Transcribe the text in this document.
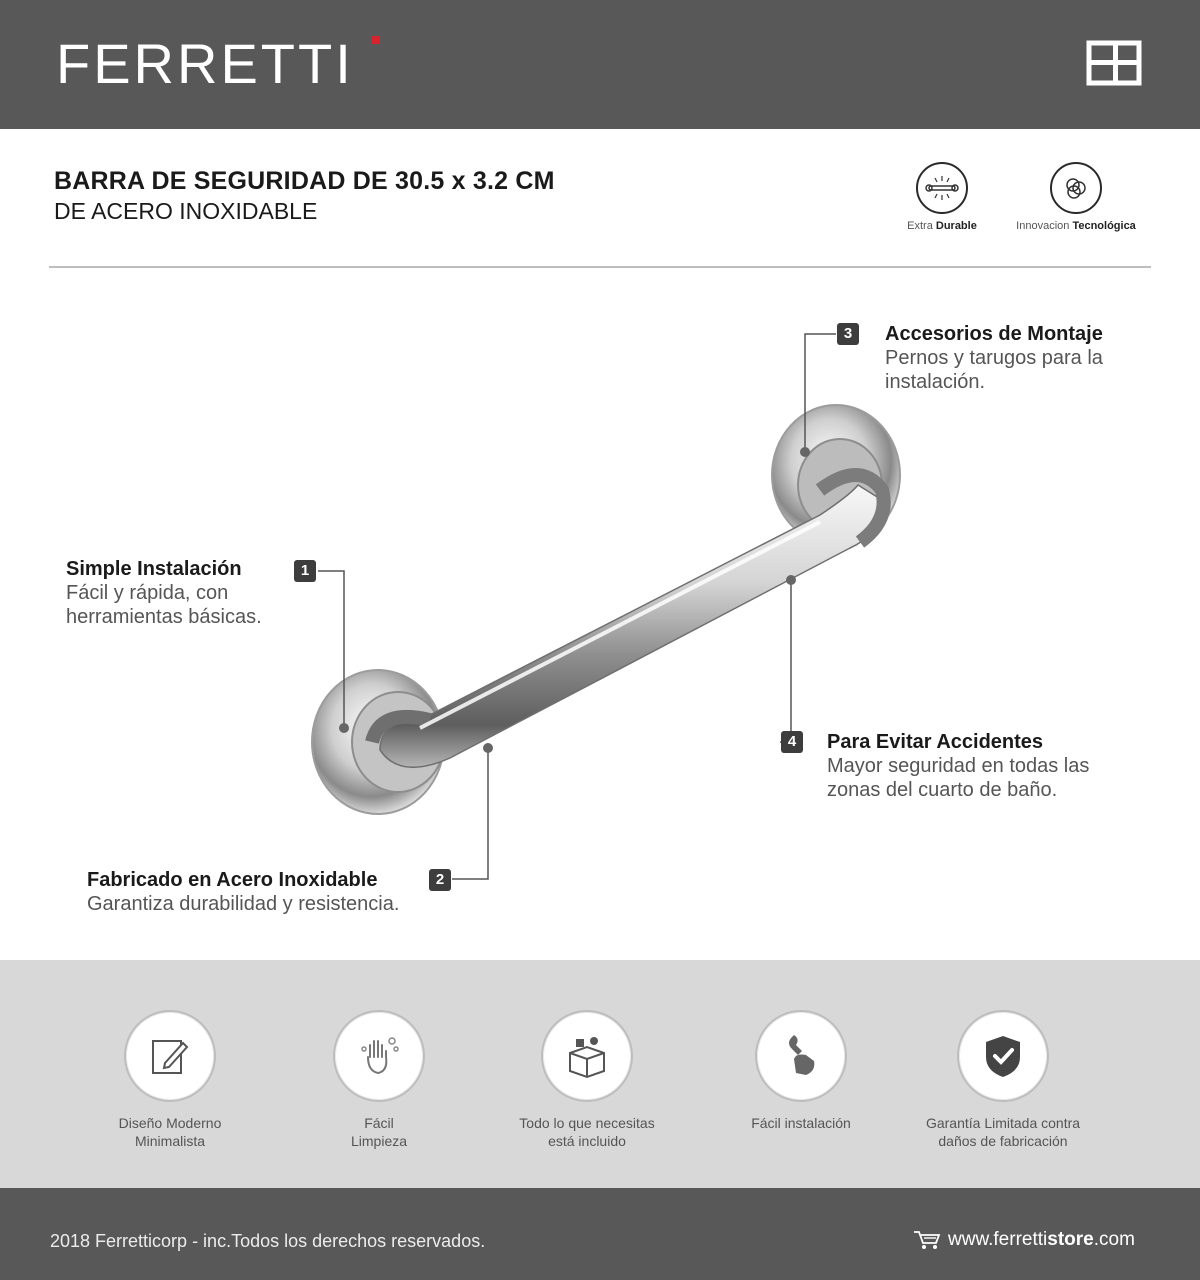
FERRETTI
BARRA DE SEGURIDAD DE 30.5 x 3.2 CM
DE ACERO INOXIDABLE
Extra Durable	Innovacion Tecnológica
1
Simple Instalación
Fácil y rápida, con
herramientas básicas.
2
Fabricado en Acero Inoxidable
Garantiza durabilidad y resistencia.
3	Accesorios de Montaje
Pernos y tarugos para la
instalación.
4	Para Evitar Accidentes
Mayor seguridad en todas las
zonas del cuarto de baño.
Diseño Moderno
Minimalista
Fácil
Limpieza
Todo lo que necesitas
está incluido
Fácil instalación	Garantía Limitada contra
daños de fabricación
2018 Ferretticorp - inc.Todos los derechos reservados.	www.ferretti store .com
